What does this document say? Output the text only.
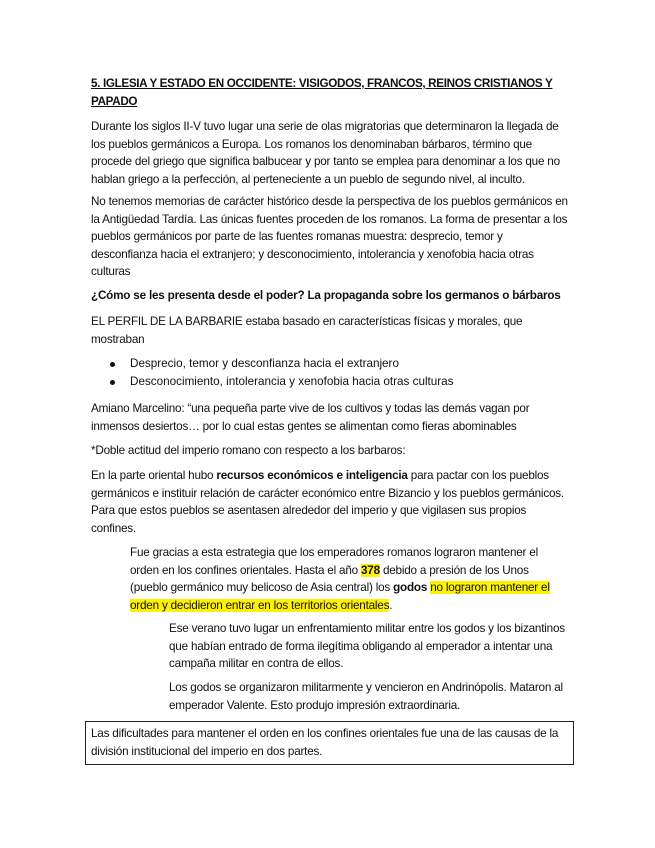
5. IGLESIA Y ESTADO EN OCCIDENTE: VISIGODOS, FRANCOS, REINOS CRISTIANOS Y PAPADO
Durante los siglos II-V tuvo lugar una serie de olas migratorias que determinaron la llegada de los pueblos germánicos a Europa. Los romanos los denominaban bárbaros, término que procede del griego que significa balbucear y por tanto se emplea para denominar a los que no hablan griego a la perfección, al perteneciente a un pueblo de segundo nivel, al inculto.
No tenemos memorias de carácter histórico desde la perspectiva de los pueblos germánicos en la Antigüedad Tardía. Las únicas fuentes proceden de los romanos. La forma de presentar a los pueblos germánicos por parte de las fuentes romanas muestra: desprecio, temor y desconfianza hacia el extranjero; y desconocimiento, intolerancia y xenofobia hacia otras culturas
¿Cómo se les presenta desde el poder? La propaganda sobre los germanos o bárbaros
EL PERFIL DE LA BARBARIE estaba basado en características físicas y morales, que mostraban
Desprecio, temor y desconfianza hacia el extranjero
Desconocimiento, intolerancia y xenofobia hacia otras culturas
Amiano Marcelino: “una pequeña parte vive de los cultivos y todas las demás vagan por inmensos desiertos… por lo cual estas gentes se alimentan como fieras abominables
*Doble actitud del imperio romano con respecto a los barbaros:
En la parte oriental hubo recursos económicos e inteligencia para pactar con los pueblos germánicos e instituir relación de carácter económico entre Bizancio y los pueblos germánicos. Para que estos pueblos se asentasen alrededor del imperio y que vigilasen sus propios confines.
Fue gracias a esta estrategia que los emperadores romanos lograron mantener el orden en los confines orientales. Hasta el año 378 debido a presión de los Unos (pueblo germánico muy belicoso de Asia central) los godos no lograron mantener el orden y decidieron entrar en los territorios orientales.
Ese verano tuvo lugar un enfrentamiento militar entre los godos y los bizantinos que habían entrado de forma ilegítima obligando al emperador a intentar una campaña militar en contra de ellos.
Los godos se organizaron militarmente y vencieron en Andrinópolis. Mataron al emperador Valente. Esto produjo impresión extraordinaria.
Las dificultades para mantener el orden en los confines orientales fue una de las causas de la división institucional del imperio en dos partes.
